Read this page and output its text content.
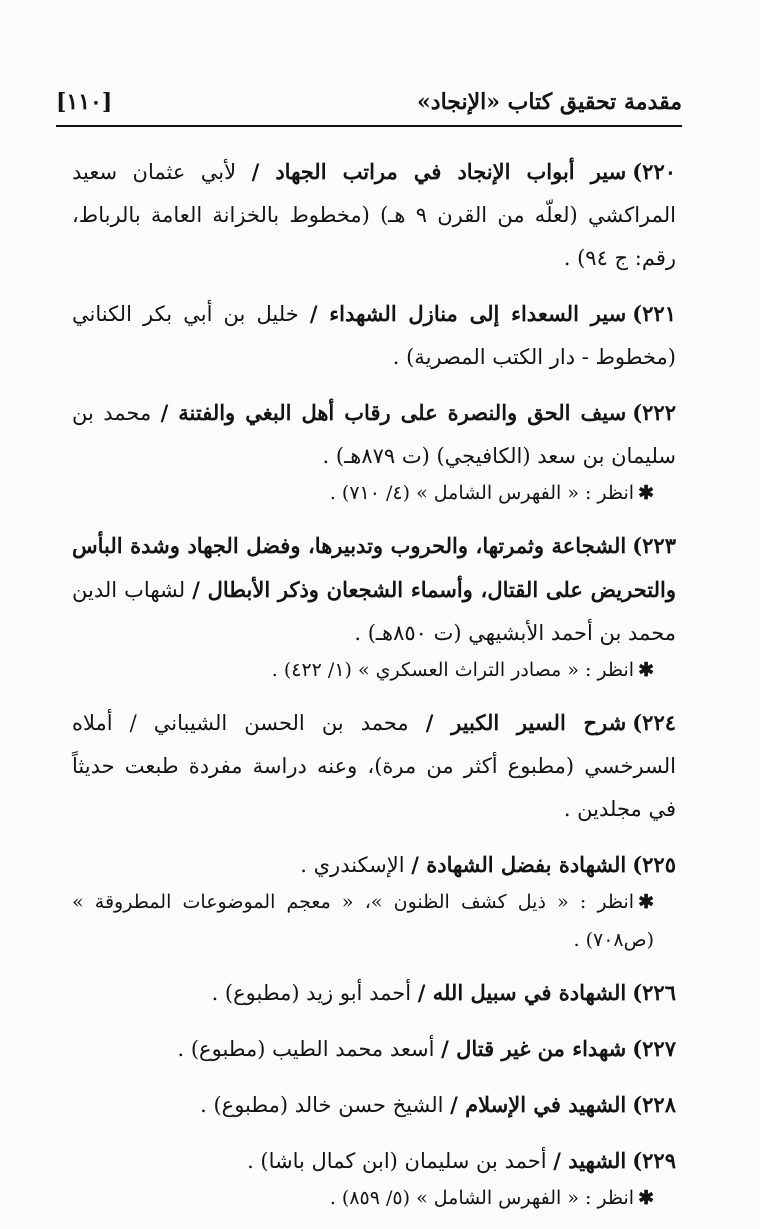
مقدمة تحقيق كتاب «الإنجاد»
[١١٠]
٢٢٠)سير أبواب الإنجاد في مراتب الجهاد / لأبي عثمان سعيد المراكشي (لعلّه من القرن ٩ هـ) (مخطوط بالخزانة العامة بالرباط، رقم: ج ٩٤) .
٢٢١)سير السعداء إلى منازل الشهداء / خليل بن أبي بكر الكناني (مخطوط - دار الكتب المصرية) .
٢٢٢)سيف الحق والنصرة على رقاب أهل البغي والفتنة / محمد بن سليمان بن سعد (الكافيجي) (ت ٨٧٩هـ) .
✱انظر : « الفهرس الشامل » (٤/ ٧١٠) .
٢٢٣)الشجاعة وثمرتها، والحروب وتدبيرها، وفضل الجهاد وشدة البأس والتحريض على القتال، وأسماء الشجعان وذكر الأبطال / لشهاب الدين محمد بن أحمد الأبشيهي (ت ٨٥٠هـ) .
✱انظر : « مصادر التراث العسكري » (١/ ٤٢٢) .
٢٢٤)شرح السير الكبير / محمد بن الحسن الشيباني / أملاه السرخسي (مطبوع أكثر من مرة)، وعنه دراسة مفردة طبعت حديثاً في مجلدين .
٢٢٥)الشهادة بفضل الشهادة / الإسكندري .
✱انظر : « ذيل كشف الظنون »، « معجم الموضوعات المطروقة » (ص٧٠٨) .
٢٢٦)الشهادة في سبيل الله / أحمد أبو زيد (مطبوع) .
٢٢٧)شهداء من غير قتال / أسعد محمد الطيب (مطبوع) .
٢٢٨)الشهيد في الإسلام / الشيخ حسن خالد (مطبوع) .
٢٢٩)الشهيد / أحمد بن سليمان (ابن كمال باشا) .
✱انظر : « الفهرس الشامل » (٥/ ٨٥٩) .
